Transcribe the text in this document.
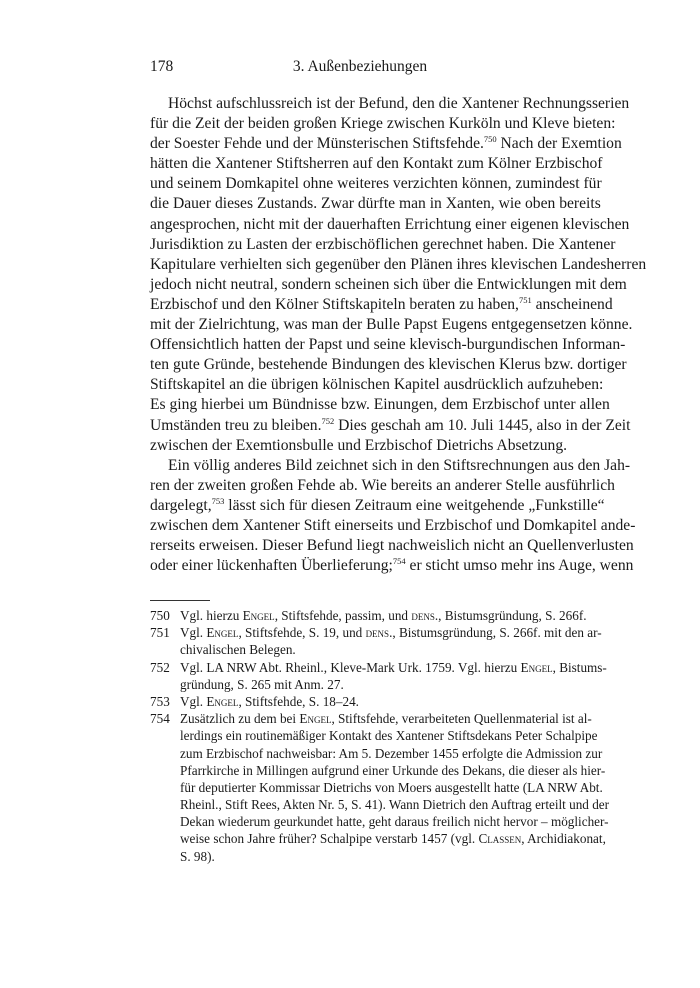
178	3. Außenbeziehungen
Höchst aufschlussreich ist der Befund, den die Xantener Rechnungsserien
für die Zeit der beiden großen Kriege zwischen Kurköln und Kleve bieten:
der Soester Fehde und der Münsterischen Stiftsfehde.$^{750}$ Nach der Exemtion
hätten die Xantener Stiftsherren auf den Kontakt zum Kölner Erzbischof
und seinem Domkapitel ohne weiteres verzichten können, zumindest für
die Dauer dieses Zustands. Zwar dürfte man in Xanten, wie oben bereits
angesprochen, nicht mit der dauerhaften Errichtung einer eigenen klevischen
Jurisdiktion zu Lasten der erzbischöflichen gerechnet haben. Die Xantener
Kapitulare verhielten sich gegenüber den Plänen ihres klevischen Landesherren
jedoch nicht neutral, sondern scheinen sich über die Entwicklungen mit dem
Erzbischof und den Kölner Stiftskapiteln beraten zu haben,$^{751}$ anscheinend
mit der Zielrichtung, was man der Bulle Papst Eugens entgegensetzen könne.
Offensichtlich hatten der Papst und seine klevisch-burgundischen Informan-
ten gute Gründe, bestehende Bindungen des klevischen Klerus bzw. dortiger
Stiftskapitel an die übrigen kölnischen Kapitel ausdrücklich aufzuheben:
Es ging hierbei um Bündnisse bzw. Einungen, dem Erzbischof unter allen
Umständen treu zu bleiben.$^{752}$ Dies geschah am 10. Juli 1445, also in der Zeit
zwischen der Exemtionsbulle und Erzbischof Dietrichs Absetzung.
Ein völlig anderes Bild zeichnet sich in den Stiftsrechnungen aus den Jah-
ren der zweiten großen Fehde ab. Wie bereits an anderer Stelle ausführlich
dargelegt,$^{753}$ lässt sich für diesen Zeitraum eine weitgehende „Funkstille“
zwischen dem Xantener Stift einerseits und Erzbischof und Domkapitel ande-
rerseits erweisen. Dieser Befund liegt nachweislich nicht an Quellenverlusten
oder einer lückenhaften Überlieferung;$^{754}$ er sticht umso mehr ins Auge, wenn
750 Vgl. hierzu Engel, Stiftsfehde, passim, und dens., Bistumsgründung, S. 266f.
751 Vgl. Engel, Stiftsfehde, S. 19, und dens., Bistumsgründung, S. 266f. mit den ar-
chivalischen Belegen.
752 Vgl. LA NRW Abt. Rheinl., Kleve-Mark Urk. 1759. Vgl. hierzu Engel, Bistums-
gründung, S. 265 mit Anm. 27.
753 Vgl. Engel, Stiftsfehde, S. 18–24.
754 Zusätzlich zu dem bei Engel, Stiftsfehde, verarbeiteten Quellenmaterial ist al-
lerdings ein routinemäßiger Kontakt des Xantener Stiftsdekans Peter Schalpipe
zum Erzbischof nachweisbar: Am 5. Dezember 1455 erfolgte die Admission zur
Pfarrkirche in Millingen aufgrund einer Urkunde des Dekans, die dieser als hier-
für deputierter Kommissar Dietrichs von Moers ausgestellt hatte (LA NRW Abt.
Rheinl., Stift Rees, Akten Nr. 5, S. 41). Wann Dietrich den Auftrag erteilt und der
Dekan wiederum geurkundet hatte, geht daraus freilich nicht hervor – möglicher-
weise schon Jahre früher? Schalpipe verstarb 1457 (vgl. Classen, Archidiakonat,
S. 98).
